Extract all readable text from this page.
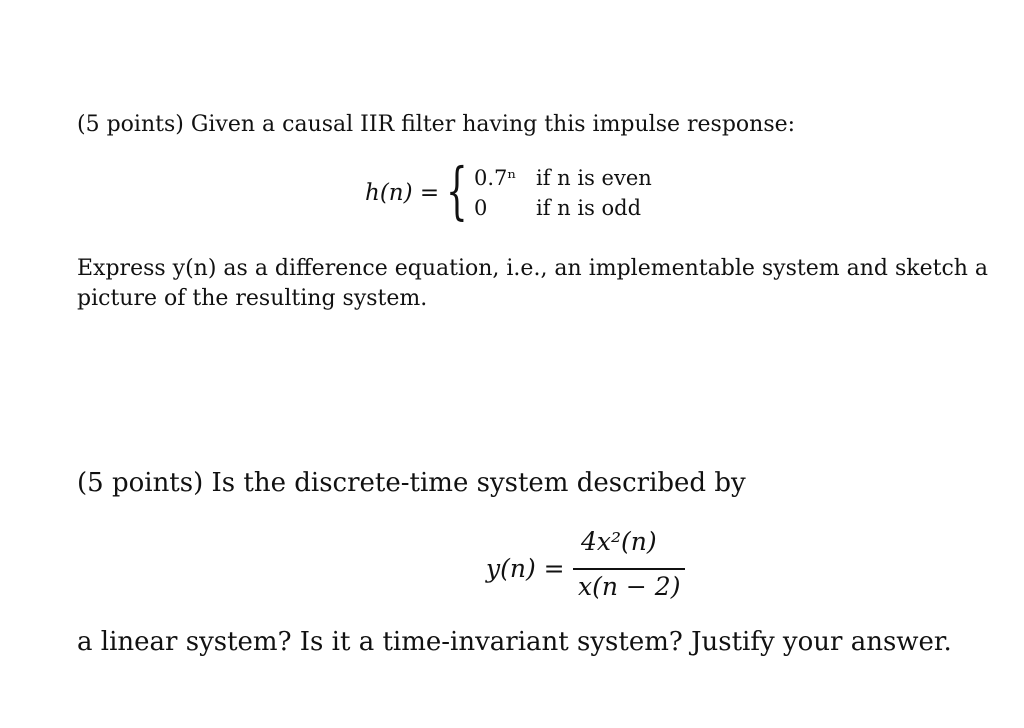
(5 points) Given a causal IIR filter having this impulse response:
h(n) = { 0.7ⁿ if n is even
0 if n is odd
Express y(n) as a difference equation, i.e., an implementable system and sketch a
picture of the resulting system.
(5 points) Is the discrete-time system described by
y(n) =
4x²(n)
x(n − 2)
a linear system? Is it a time-invariant system? Justify your answer.
